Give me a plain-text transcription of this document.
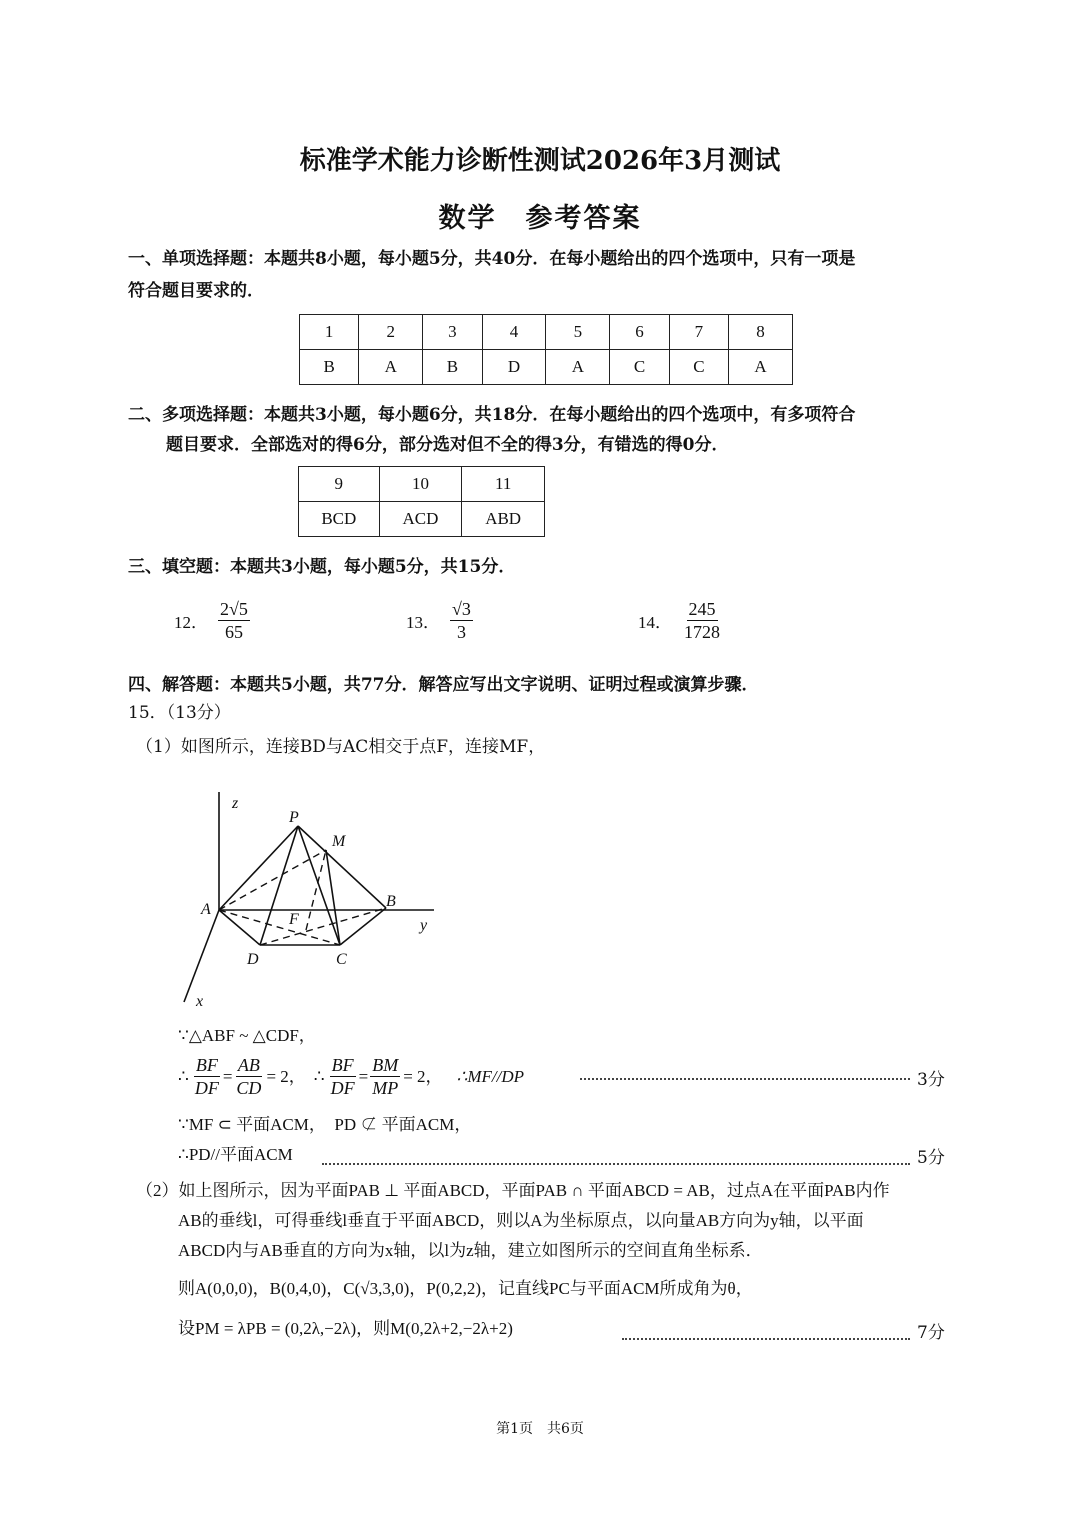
标准学术能力诊断性测试2026年3月测试
数学　参考答案
一、单项选择题：本题共8小题，每小题5分，共40分．在每小题给出的四个选项中，只有一项是
符合题目要求的．
1	2	3	4	5	6	7	8
B	A	B	D	A	C	C	A
二、多项选择题：本题共3小题，每小题6分，共18分．在每小题给出的四个选项中，有多项符合
题目要求．全部选对的得6分，部分选对但不全的得3分，有错选的得0分．
9	10	11
BCD	ACD	ABD
三、填空题：本题共3小题，每小题5分，共15分．
12． $\frac{2√5}{65}$	13． $\frac{√3}{3}$	14． $\frac{245}{1728}$
四、解答题：本题共5小题，共77分．解答应写出文字说明、证明过程或演算步骤．
15．（13分）
（1）如图所示，连接BD与AC相交于点F，连接MF，
z
x
y
P
M
A	B
F
D	C
∵△ABF ~ △CDF，
∴ $\frac{BF}{DF} = \frac{AB}{CD} = 2$， ∴ $\frac{BF}{DF} = \frac{BM}{MP} = 2$， ∴MF//DP	3分
∵MF ⊂ 平面ACM，　PD ⊄ 平面ACM，
∴PD//平面ACM	5分
（2）如上图所示，因为平面PAB ⊥ 平面ABCD，平面PAB ∩ 平面ABCD = AB，过点A在平面PAB内作
AB的垂线l，可得垂线l垂直于平面ABCD，则以A为坐标原点，以向量AB方向为y轴，以平面
ABCD内与AB垂直的方向为x轴，以l为z轴，建立如图所示的空间直角坐标系．
则A(0,0,0)，B(0,4,0)，C(√3,3,0)，P(0,2,2)，记直线PC与平面ACM所成角为θ，
设PM = λPB = (0,2λ,−2λ)，则M(0,2λ+2,−2λ+2)	7分
第1页　共6页
